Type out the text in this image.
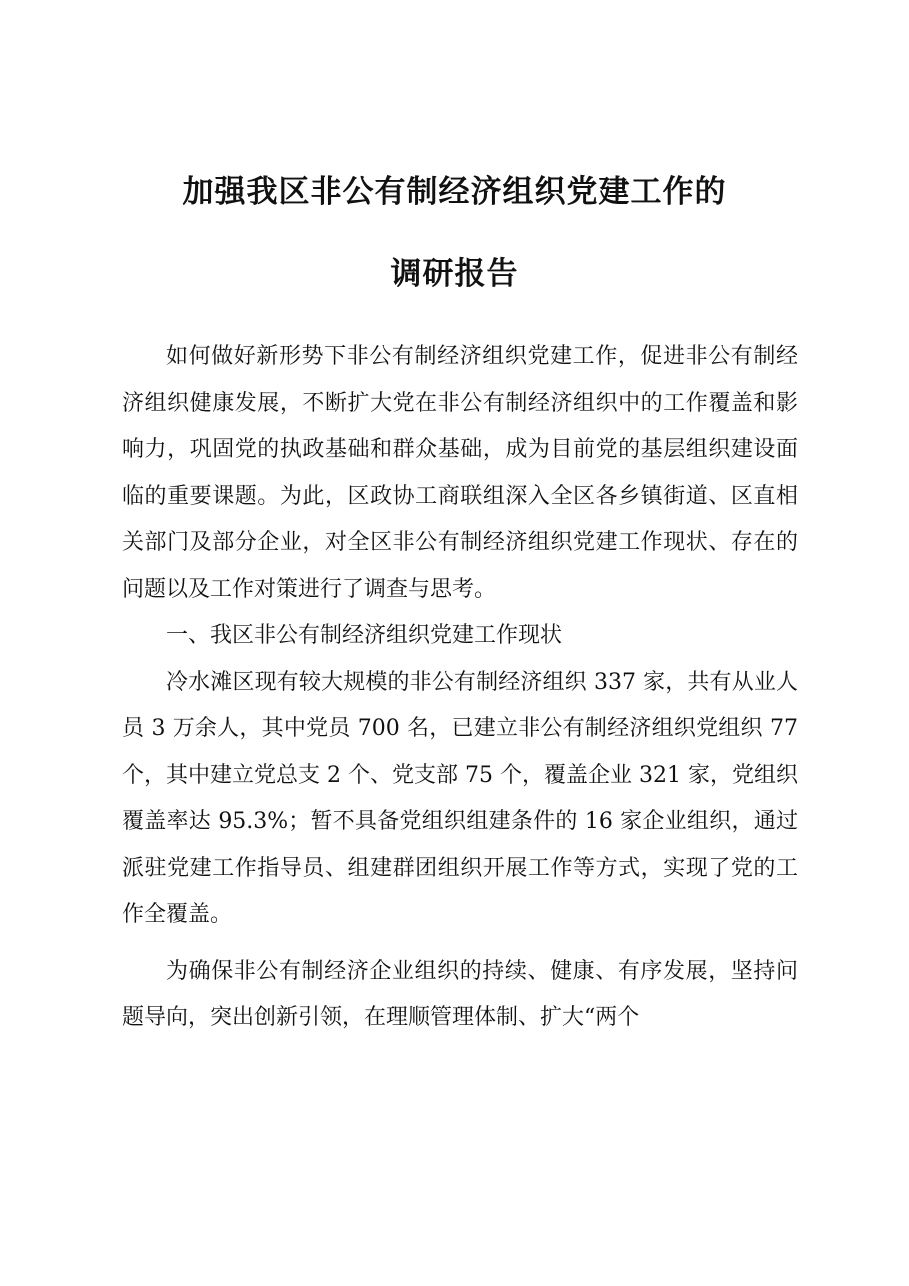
加强我区非公有制经济组织党建工作的
调研报告

如何做好新形势下非公有制经济组织党建工作，促进非公有制经济组织健康发展，不断扩大党在非公有制经济组织中的工作覆盖和影响力，巩固党的执政基础和群众基础，成为目前党的基层组织建设面临的重要课题。为此，区政协工商联组深入全区各乡镇街道、区直相关部门及部分企业，对全区非公有制经济组织党建工作现状、存在的问题以及工作对策进行了调查与思考。

一、我区非公有制经济组织党建工作现状

冷水滩区现有较大规模的非公有制经济组织 337 家，共有从业人员 3 万余人，其中党员 700 名，已建立非公有制经济组织党组织 77 个，其中建立党总支 2 个、党支部 75 个，覆盖企业 321 家，党组织覆盖率达 95.3%；暂不具备党组织组建条件的 16 家企业组织，通过派驻党建工作指导员、组建群团组织开展工作等方式，实现了党的工作全覆盖。

为确保非公有制经济企业组织的持续、健康、有序发展，坚持问题导向，突出创新引领，在理顺管理体制、扩大“两个
